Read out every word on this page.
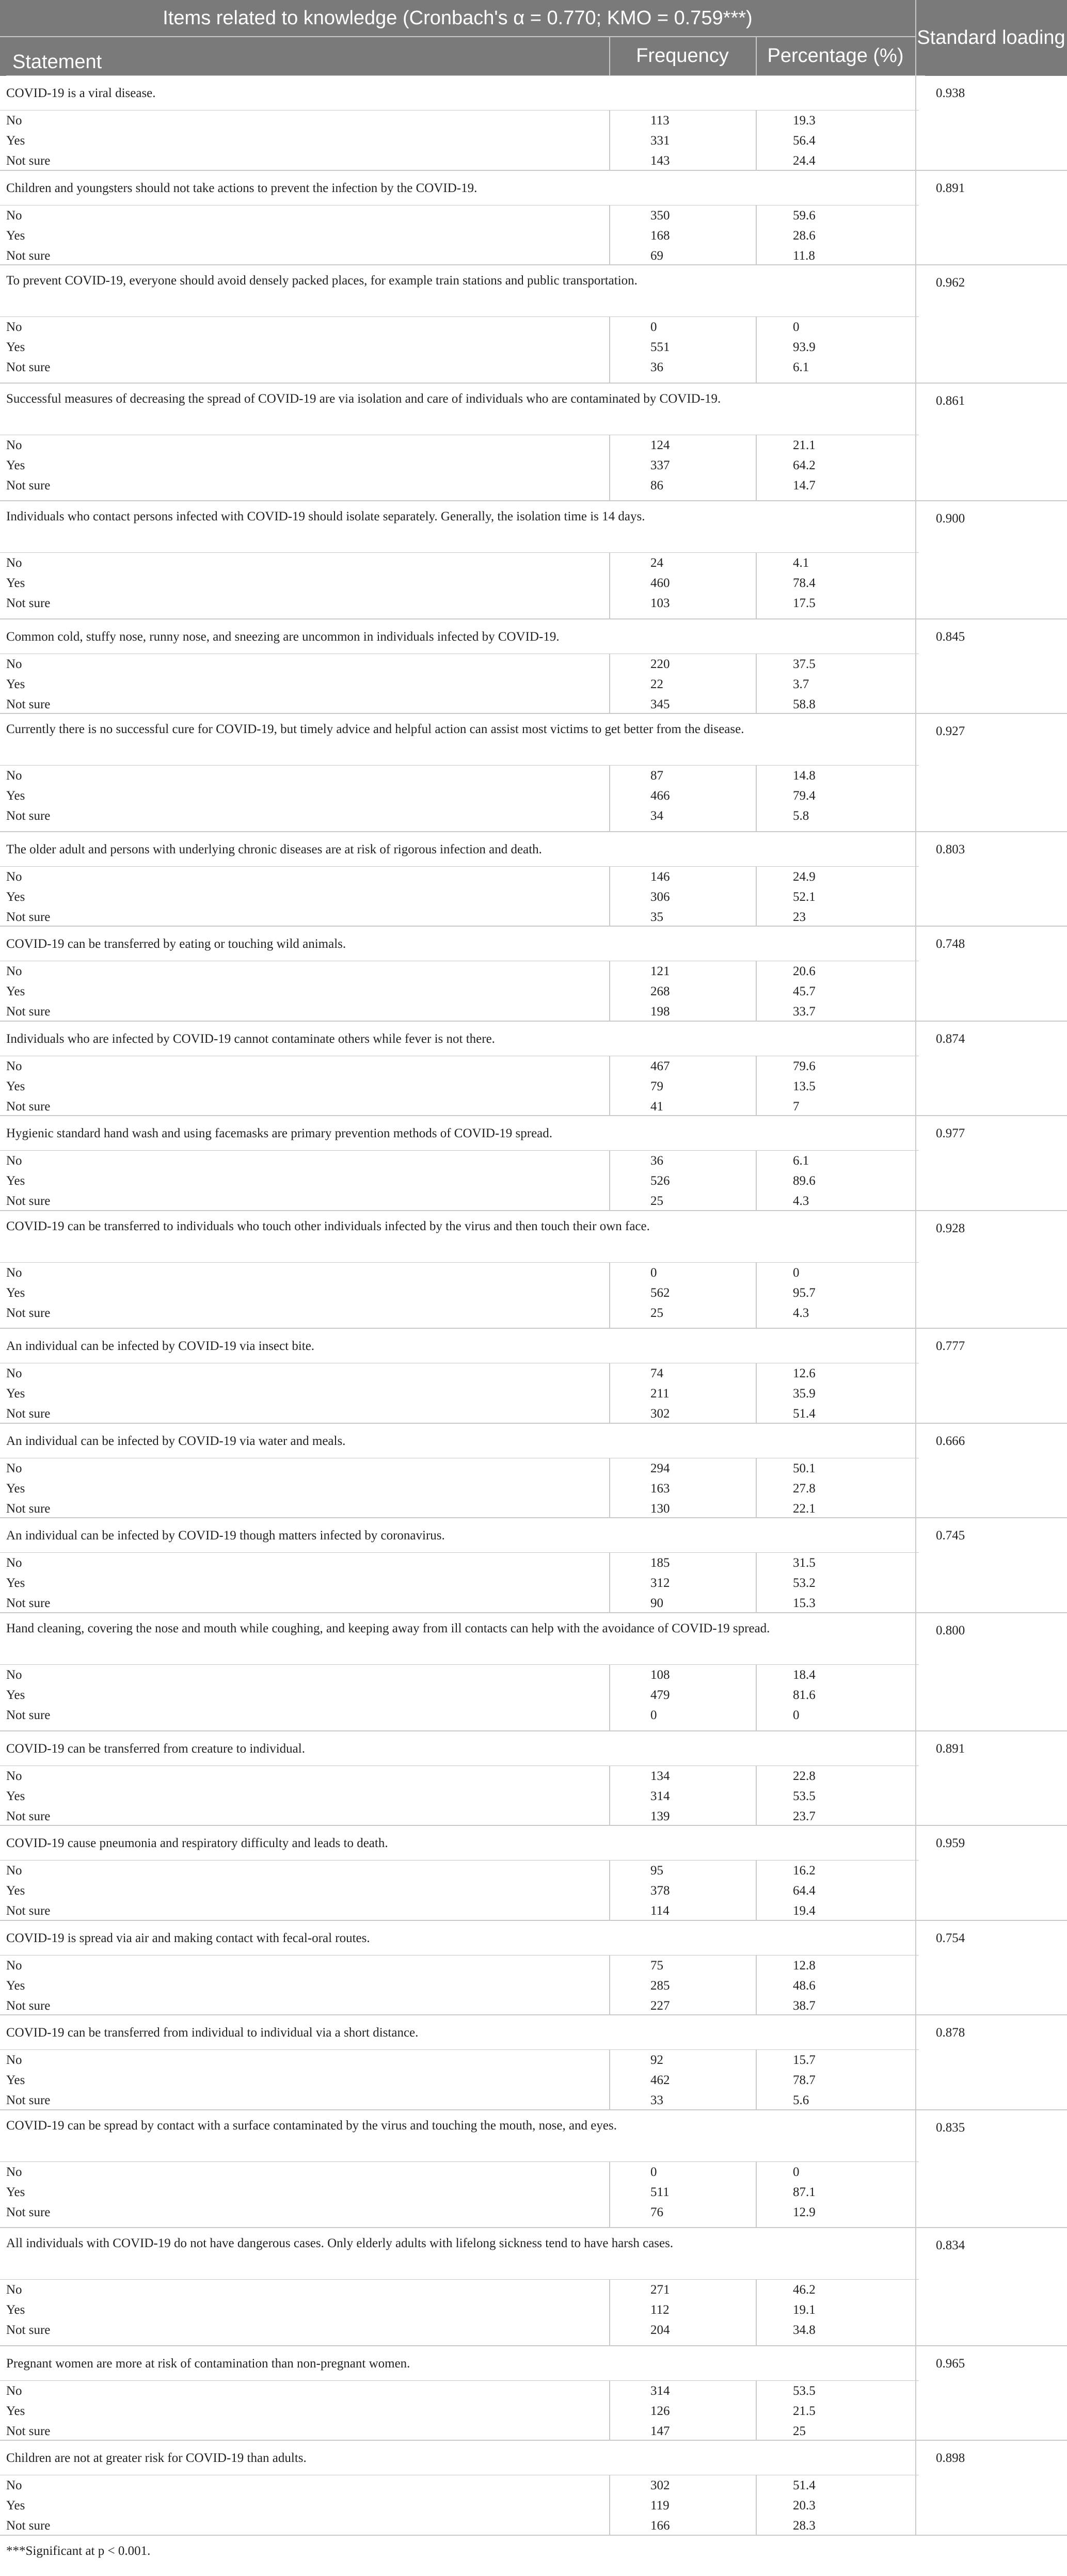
Items related to knowledge (Cronbach's α = 0.770; KMO = 0.759***)
Statement	Frequency	Percentage (%)
Standard loading
COVID-19 is a viral disease.	0.938
No	113	19.3
Yes	331	56.4
Not sure	143	24.4
Children and youngsters should not take actions to prevent the infection by the COVID-19.	0.891
No	350	59.6
Yes	168	28.6
Not sure	69	11.8
To prevent COVID-19, everyone should avoid densely packed places, for example train stations and public transportation.	0.962
No	0	0
Yes	551	93.9
Not sure	36	6.1
Successful measures of decreasing the spread of COVID-19 are via isolation and care of individuals who are contaminated by COVID-19.	0.861
No	124	21.1
Yes	337	64.2
Not sure	86	14.7
Individuals who contact persons infected with COVID-19 should isolate separately. Generally, the isolation time is 14 days.	0.900
No	24	4.1
Yes	460	78.4
Not sure	103	17.5
Common cold, stuffy nose, runny nose, and sneezing are uncommon in individuals infected by COVID-19.	0.845
No	220	37.5
Yes	22	3.7
Not sure	345	58.8
Currently there is no successful cure for COVID-19, but timely advice and helpful action can assist most victims to get better from the disease.	0.927
No	87	14.8
Yes	466	79.4
Not sure	34	5.8
The older adult and persons with underlying chronic diseases are at risk of rigorous infection and death.	0.803
No	146	24.9
Yes	306	52.1
Not sure	35	23
COVID-19 can be transferred by eating or touching wild animals.	0.748
No	121	20.6
Yes	268	45.7
Not sure	198	33.7
Individuals who are infected by COVID-19 cannot contaminate others while fever is not there.	0.874
No	467	79.6
Yes	79	13.5
Not sure	41	7
Hygienic standard hand wash and using facemasks are primary prevention methods of COVID-19 spread.	0.977
No	36	6.1
Yes	526	89.6
Not sure	25	4.3
COVID-19 can be transferred to individuals who touch other individuals infected by the virus and then touch their own face.	0.928
No	0	0
Yes	562	95.7
Not sure	25	4.3
An individual can be infected by COVID-19 via insect bite.	0.777
No	74	12.6
Yes	211	35.9
Not sure	302	51.4
An individual can be infected by COVID-19 via water and meals.	0.666
No	294	50.1
Yes	163	27.8
Not sure	130	22.1
An individual can be infected by COVID-19 though matters infected by coronavirus.	0.745
No	185	31.5
Yes	312	53.2
Not sure	90	15.3
Hand cleaning, covering the nose and mouth while coughing, and keeping away from ill contacts can help with the avoidance of COVID-19 spread.	0.800
No	108	18.4
Yes	479	81.6
Not sure	0	0
COVID-19 can be transferred from creature to individual.	0.891
No	134	22.8
Yes	314	53.5
Not sure	139	23.7
COVID-19 cause pneumonia and respiratory difficulty and leads to death.	0.959
No	95	16.2
Yes	378	64.4
Not sure	114	19.4
COVID-19 is spread via air and making contact with fecal-oral routes.	0.754
No	75	12.8
Yes	285	48.6
Not sure	227	38.7
COVID-19 can be transferred from individual to individual via a short distance.	0.878
No	92	15.7
Yes	462	78.7
Not sure	33	5.6
COVID-19 can be spread by contact with a surface contaminated by the virus and touching the mouth, nose, and eyes.	0.835
No	0	0
Yes	511	87.1
Not sure	76	12.9
All individuals with COVID-19 do not have dangerous cases. Only elderly adults with lifelong sickness tend to have harsh cases.	0.834
No	271	46.2
Yes	112	19.1
Not sure	204	34.8
Pregnant women are more at risk of contamination than non-pregnant women.	0.965
No	314	53.5
Yes	126	21.5
Not sure	147	25
Children are not at greater risk for COVID-19 than adults.	0.898
No	302	51.4
Yes	119	20.3
Not sure	166	28.3
***Significant at p < 0.001.
